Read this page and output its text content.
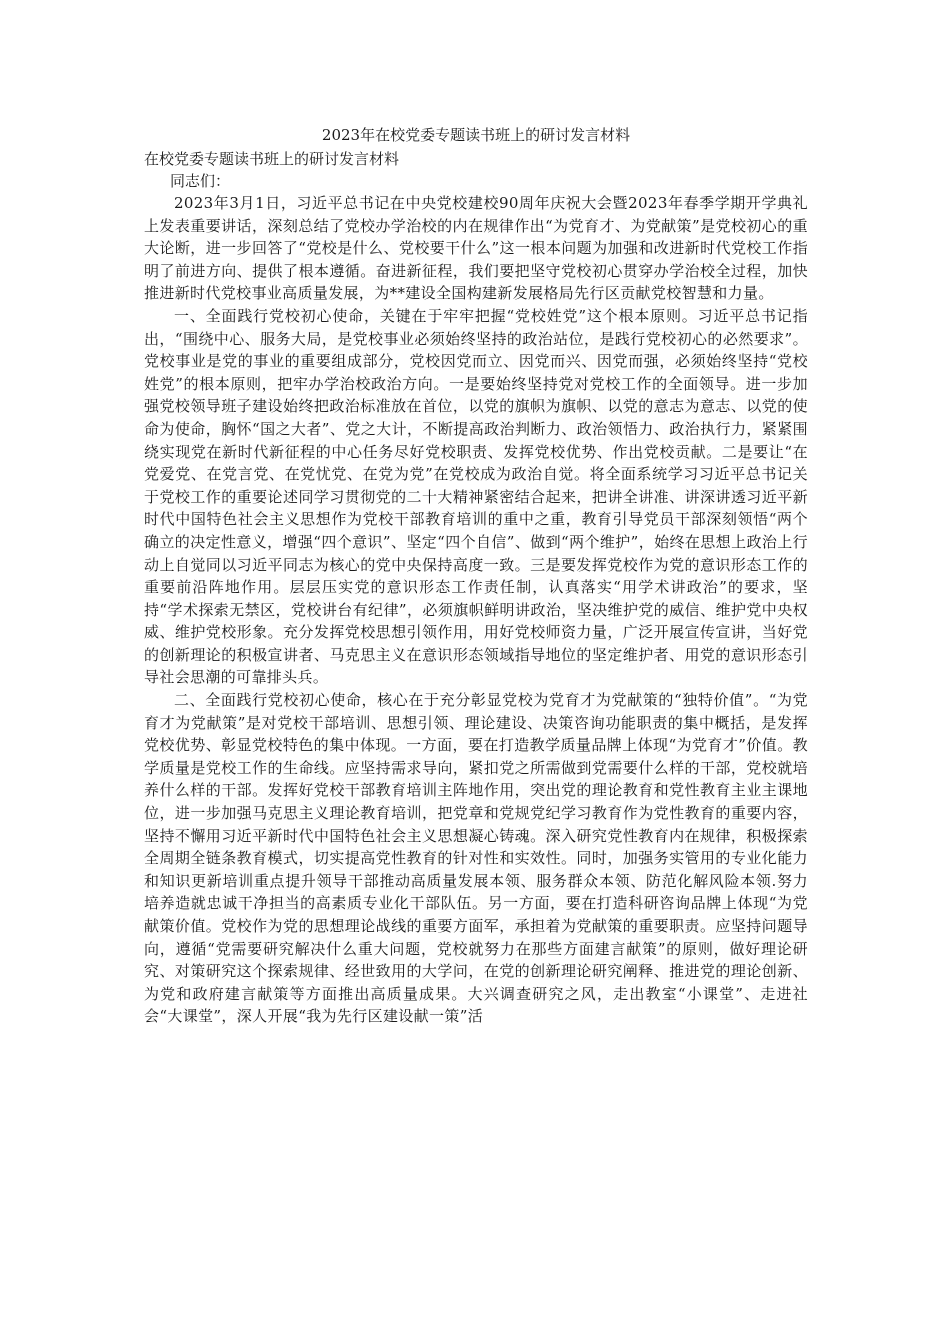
2023年在校党委专题读书班上的研讨发言材料

在校党委专题读书班上的研讨发言材料

同志们：

2023年3月1日，习近平总书记在中央党校建校90周年庆祝大会暨2023年春季学期开学典礼上发表重要讲话，深刻总结了党校办学治校的内在规律作出“为党育才、为党献策”是党校初心的重大论断，进一步回答了“党校是什么、党校要干什么”这一根本问题为加强和改进新时代党校工作指明了前进方向、提供了根本遵循。奋进新征程，我们要把坚守党校初心贯穿办学治校全过程，加快推进新时代党校事业高质量发展，为**建设全国构建新发展格局先行区贡献党校智慧和力量。

一、全面践行党校初心使命，关键在于牢牢把握“党校姓党”这个根本原则。习近平总书记指出，“围绕中心、服务大局，是党校事业必须始终坚持的政治站位，是践行党校初心的必然要求”。党校事业是党的事业的重要组成部分，党校因党而立、因党而兴、因党而强，必须始终坚持“党校姓党”的根本原则，把牢办学治校政治方向。一是要始终坚持党对党校工作的全面领导。进一步加强党校领导班子建设始终把政治标准放在首位，以党的旗帜为旗帜、以党的意志为意志、以党的使命为使命，胸怀“国之大者”、党之大计，不断提高政治判断力、政治领悟力、政治执行力，紧紧围绕实现党在新时代新征程的中心任务尽好党校职责、发挥党校优势、作出党校贡献。二是要让“在党爱党、在党言党、在党忧党、在党为党”在党校成为政治自觉。将全面系统学习习近平总书记关于党校工作的重要论述同学习贯彻党的二十大精神紧密结合起来，把讲全讲准、讲深讲透习近平新时代中国特色社会主义思想作为党校干部教育培训的重中之重，教育引导党员干部深刻领悟“两个确立的决定性意义，增强“四个意识”、坚定“四个自信”、做到“两个维护”，始终在思想上政治上行动上自觉同以习近平同志为核心的党中央保持高度一致。三是要发挥党校作为党的意识形态工作的重要前沿阵地作用。层层压实党的意识形态工作责任制，认真落实“用学术讲政治”的要求，坚持“学术探索无禁区，党校讲台有纪律”，必须旗帜鲜明讲政治，坚决维护党的威信、维护党中央权威、维护党校形象。充分发挥党校思想引领作用，用好党校师资力量，广泛开展宣传宣讲，当好党的创新理论的积极宣讲者、马克思主义在意识形态领域指导地位的坚定维护者、用党的意识形态引导社会思潮的可靠排头兵。

二、全面践行党校初心使命，核心在于充分彰显党校为党育才为党献策的“独特价值”。“为党育才为党献策”是对党校干部培训、思想引领、理论建设、决策咨询功能职责的集中概括，是发挥党校优势、彰显党校特色的集中体现。一方面，要在打造教学质量品牌上体现“为党育才”价值。教学质量是党校工作的生命线。应坚持需求导向，紧扣党之所需做到党需要什么样的干部，党校就培养什么样的干部。发挥好党校干部教育培训主阵地作用，突出党的理论教育和党性教育主业主课地位，进一步加强马克思主义理论教育培训，把党章和党规党纪学习教育作为党性教育的重要内容，坚持不懈用习近平新时代中国特色社会主义思想凝心铸魂。深入研究党性教育内在规律，积极探索全周期全链条教育模式，切实提高党性教育的针对性和实效性。同时，加强务实管用的专业化能力和知识更新培训重点提升领导干部推动高质量发展本领、服务群众本领、防范化解风险本领.努力培养造就忠诚干净担当的高素质专业化干部队伍。另一方面，要在打造科研咨询品牌上体现“为党献策价值。党校作为党的思想理论战线的重要方面军，承担着为党献策的重要职责。应坚持问题导向，遵循“党需要研究解决什么重大问题，党校就努力在那些方面建言献策”的原则，做好理论研究、对策研究这个探索规律、经世致用的大学问，在党的创新理论研究阐释、推进党的理论创新、为党和政府建言献策等方面推出高质量成果。大兴调查研究之风，走出教室“小课堂”、走进社会“大课堂”，深人开展“我为先行区建设献一策”活
